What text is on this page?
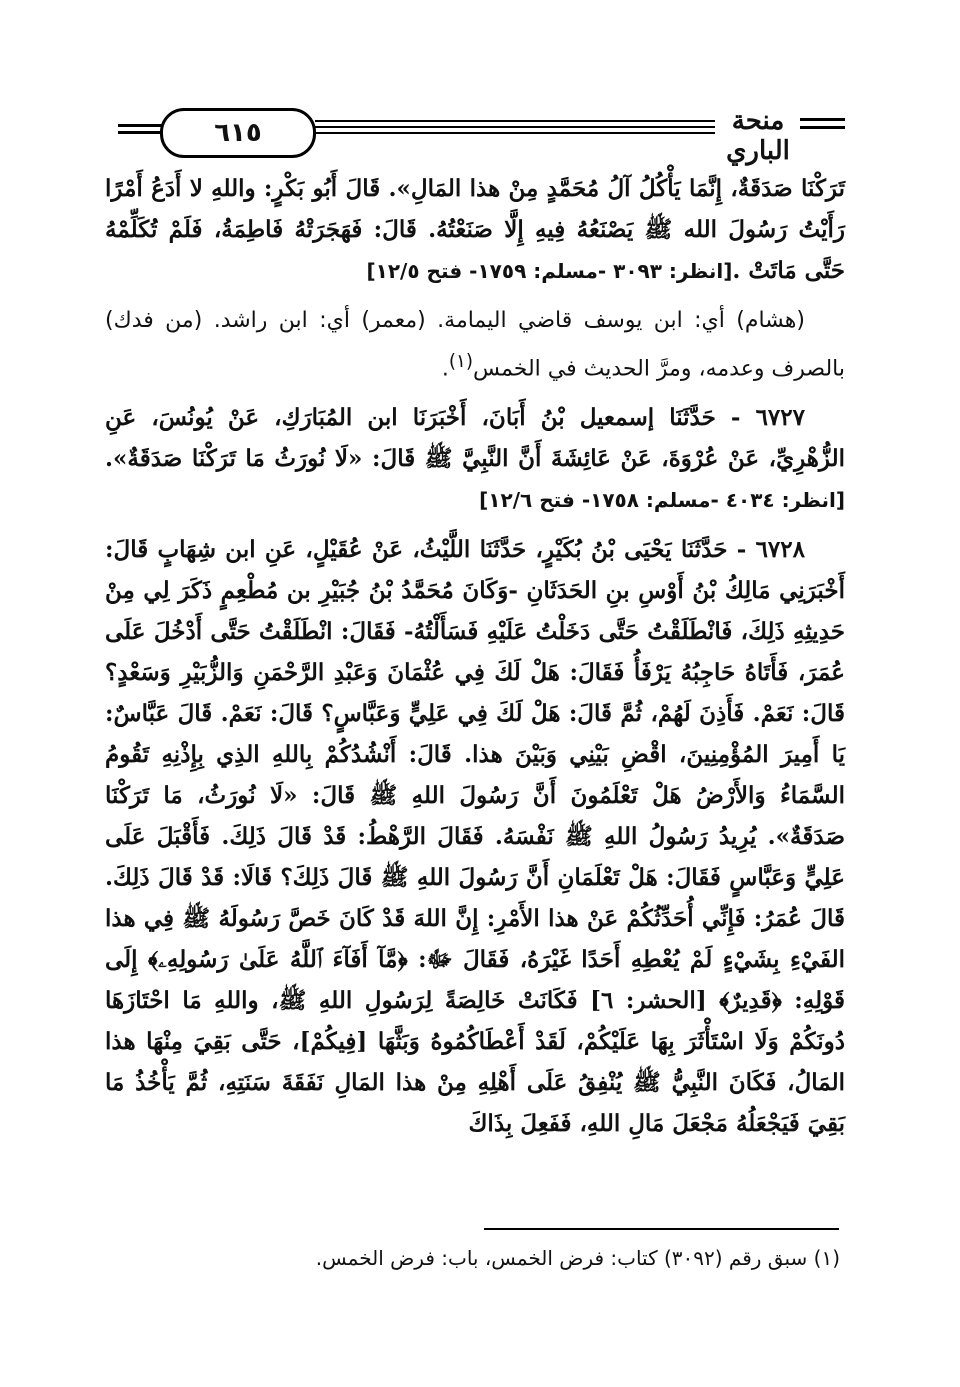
٦١٥	منحة الباري

تَرَكْنَا صَدَقَةٌ، إِنَّمَا يَأْكُلُ آلُ مُحَمَّدٍ مِنْ هذا المَالِ». قَالَ أَبُو بَكْرٍ: واللهِ لا أَدَعُ أَمْرًا رَأَيْتُ رَسُولَ الله ﷺ يَصْنَعُهُ فِيهِ إِلَّا صَنَعْتُهُ. قَالَ: فَهَجَرَتْهُ فَاطِمَةُ، فَلَمْ تُكَلِّمْهُ حَتَّى مَاتَتْ .[انظر: ٣٠٩٣ -مسلم: ١٧٥٩- فتح ١٢/٥]

(هشام) أي: ابن يوسف قاضي اليمامة. (معمر) أي: ابن راشد. (من فدك) بالصرف وعدمه، ومرَّ الحديث في الخمس$^{(١)}$.

٦٧٢٧ - حَدَّثَنَا إسمعيل بْنُ أَبَانَ، أَخْبَرَنَا ابن المُبَارَكِ، عَنْ يُونُسَ، عَنِ الزُّهْرِيِّ، عَنْ عُرْوَةَ، عَنْ عَائِشَةَ أَنَّ النَّبِيَّ ﷺ قَالَ: «لَا نُورَثُ مَا تَرَكْنَا صَدَقَةٌ». [انظر: ٤٠٣٤ -مسلم: ١٧٥٨- فتح ١٢/٦]

٦٧٢٨ - حَدَّثَنَا يَحْيَى بْنُ بُكَيْرٍ، حَدَّثَنَا اللَّيْثُ، عَنْ عُقَيْلٍ، عَنِ ابن شِهَابٍ قَالَ: أَخْبَرَنِي مَالِكُ بْنُ أَوْسِ بنِ الحَدَثَانِ -وَكَانَ مُحَمَّدُ بْنُ جُبَيْرِ بن مُطْعِمٍ ذَكَرَ لِي مِنْ حَدِيثِهِ ذَلِكَ، فَانْطَلَقْتُ حَتَّى دَخَلْتُ عَلَيْهِ فَسَأَلْتُهُ- فَقَالَ: انْطَلَقْتُ حَتَّى أَدْخُلَ عَلَى عُمَرَ، فَأَتَاهُ حَاجِبُهُ يَرْفَأُ فَقَالَ: هَلْ لَكَ فِي عُثْمَانَ وَعَبْدِ الرَّحْمَنِ وَالزُّبَيْرِ وَسَعْدٍ؟ قَالَ: نَعَمْ. فَأَذِنَ لَهُمْ، ثُمَّ قَالَ: هَلْ لَكَ فِي عَلِيٍّ وَعَبَّاسٍ؟ قَالَ: نَعَمْ. قَالَ عَبَّاسٌ: يَا أَمِيرَ المُؤْمِنِينَ، اقْضِ بَيْنِي وَبَيْنَ هذا. قَالَ: أَنْشُدُكُمْ بِاللهِ الذِي بِإِذْنِهِ تَقُومُ السَّمَاءُ وَالأَرْضُ هَلْ تَعْلَمُونَ أَنَّ رَسُولَ اللهِ ﷺ قَالَ: «لَا نُورَثُ، مَا تَرَكْنَا صَدَقَةٌ». يُرِيدُ رَسُولُ اللهِ ﷺ نَفْسَهُ. فَقَالَ الرَّهْطُ: قَدْ قَالَ ذَلِكَ. فَأَقْبَلَ عَلَى عَلِيٍّ وَعَبَّاسٍ فَقَالَ: هَلْ تَعْلَمَانِ أَنَّ رَسُولَ اللهِ ﷺ قَالَ ذَلِكَ؟ قَالَا: قَدْ قَالَ ذَلِكَ. قَالَ عُمَرُ: فَإِنِّي أُحَدِّثُكُمْ عَنْ هذا الأَمْرِ: إِنَّ اللهَ قَدْ كَانَ خَصَّ رَسُولَهُ ﷺ فِي هذا الفَيْءِ بِشَيْءٍ لَمْ يُعْطِهِ أَحَدًا غَيْرَهُ، فَقَالَ ﷻ: ﴿مَّآ أَفَآءَ ٱللَّهُ عَلَىٰ رَسُولِهِۦ﴾ إِلَى قَوْلِهِ: ﴿قَدِيرٌ﴾ [الحشر: ٦] فَكَانَتْ خَالِصَةً لِرَسُولِ اللهِ ﷺ، واللهِ مَا احْتَازَهَا دُونَكُمْ وَلَا اسْتَأْثَرَ بِهَا عَلَيْكُمْ، لَقَدْ أَعْطَاكُمُوهُ وَبَثَّهَا [فِيكُمْ]، حَتَّى بَقِيَ مِنْهَا هذا المَالُ، فَكَانَ النَّبِيُّ ﷺ يُنْفِقُ عَلَى أَهْلِهِ مِنْ هذا المَالِ نَفَقَةَ سَنَتِهِ، ثُمَّ يَأْخُذُ مَا بَقِيَ فَيَجْعَلُهُ مَجْعَلَ مَالِ اللهِ، فَفَعِلَ بِذَاكَ

(١) سبق رقم (٣٠٩٢) كتاب: فرض الخمس، باب: فرض الخمس.
